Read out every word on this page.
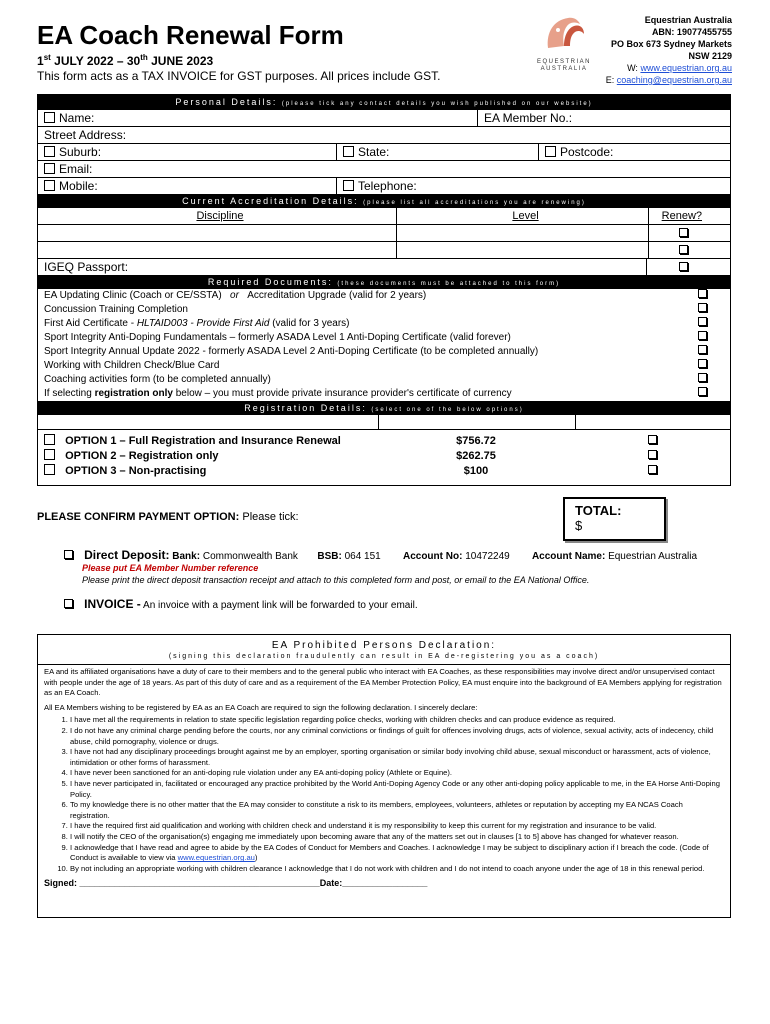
EA Coach Renewal Form
1st JULY 2022 – 30th JUNE 2023
This form acts as a TAX INVOICE for GST purposes. All prices include GST.
EQUESTRIAN
AUSTRALIA
Equestrian Australia
ABN: 19077455755
PO Box 673 Sydney Markets
NSW 2129
W: www.equestrian.org.au
E: coaching@equestrian.org.au
Personal Details: (please tick any contact details you wish published on our website)
Name:	EA Member No.:
Street Address:
Suburb:	State:	Postcode:
Email:
Mobile:	Telephone:
Current Accreditation Details: (please list all accreditations you are renewing)
Discipline	Level	Renew?
IGEQ Passport:
Required Documents: (these documents must be attached to this form)
EA Updating Clinic (Coach or CE/SSTA) or Accreditation Upgrade (valid for 2 years)
Concussion Training Completion
First Aid Certificate - HLTAID003 - Provide First Aid (valid for 3 years)
Sport Integrity Anti-Doping Fundamentals – formerly ASADA Level 1 Anti-Doping Certificate (valid forever)
Sport Integrity Annual Update 2022 - formerly ASADA Level 2 Anti-Doping Certificate (to be completed annually)
Working with Children Check/Blue Card
Coaching activities form (to be completed annually)
If selecting registration only below – you must provide private insurance provider's certificate of currency
Registration Details: (select one of the below options)
OPTION 1 – Full Registration and Insurance Renewal	$756.72
OPTION 2 – Registration only	$262.75
OPTION 3 – Non-practising	$100
PLEASE CONFIRM PAYMENT OPTION: Please tick:	TOTAL:
$
Direct Deposit: Bank: Commonwealth Bank BSB: 064 151 Account No: 10472249 Account Name: Equestrian Australia
Please put EA Member Number reference
Please print the direct deposit transaction receipt and attach to this completed form and post, or email to the EA National Office.
INVOICE - An invoice with a payment link will be forwarded to your email.
EA Prohibited Persons Declaration:
(signing this declaration fraudulently can result in EA de-registering you as a coach)
EA and its affiliated organisations have a duty of care to their members and to the general public who interact with EA Coaches, as these responsibilities may involve direct and/or unsupervised contact with people under the age of 18 years. As part of this duty of care and as a requirement of the EA Member Protection Policy, EA must enquire into the background of EA Members applying for registration as an EA Coach.
All EA Members wishing to be registered by EA as an EA Coach are required to sign the following declaration. I sincerely declare:
1. I have met all the requirements in relation to state specific legislation regarding police checks, working with children checks and can produce evidence as required.
2. I do not have any criminal charge pending before the courts, nor any criminal convictions or findings of guilt for offences involving drugs, acts of violence, sexual activity, acts of indecency, child abuse, child pornography, violence or drugs.
3. I have not had any disciplinary proceedings brought against me by an employer, sporting organisation or similar body involving child abuse, sexual misconduct or harassment, acts of violence, intimidation or other forms of harassment.
4. I have never been sanctioned for an anti-doping rule violation under any EA anti-doping policy (Athlete or Equine).
5. I have never participated in, facilitated or encouraged any practice prohibited by the World Anti-Doping Agency Code or any other anti-doping policy applicable to me, in the EA Horse Anti-Doping Policy.
6. To my knowledge there is no other matter that the EA may consider to constitute a risk to its members, employees, volunteers, athletes or reputation by accepting my EA NCAS Coach registration.
7. I have the required first aid qualification and working with children check and understand it is my responsibility to keep this current for my registration and insurance to be valid.
8. I will notify the CEO of the organisation(s) engaging me immediately upon becoming aware that any of the matters set out in clauses [1 to 5] above has changed for whatever reason.
9. I acknowledge that I have read and agree to abide by the EA Codes of Conduct for Members and Coaches. I acknowledge I may be subject to disciplinary action if I breach the code. (Code of Conduct is available to view via www.equestrian.org.au)
10. By not including an appropriate working with children clearance I acknowledge that I do not work with children and I do not intend to coach anyone under the age of 18 in this renewal period.
Signed: ________________________________________________Date:_________________
